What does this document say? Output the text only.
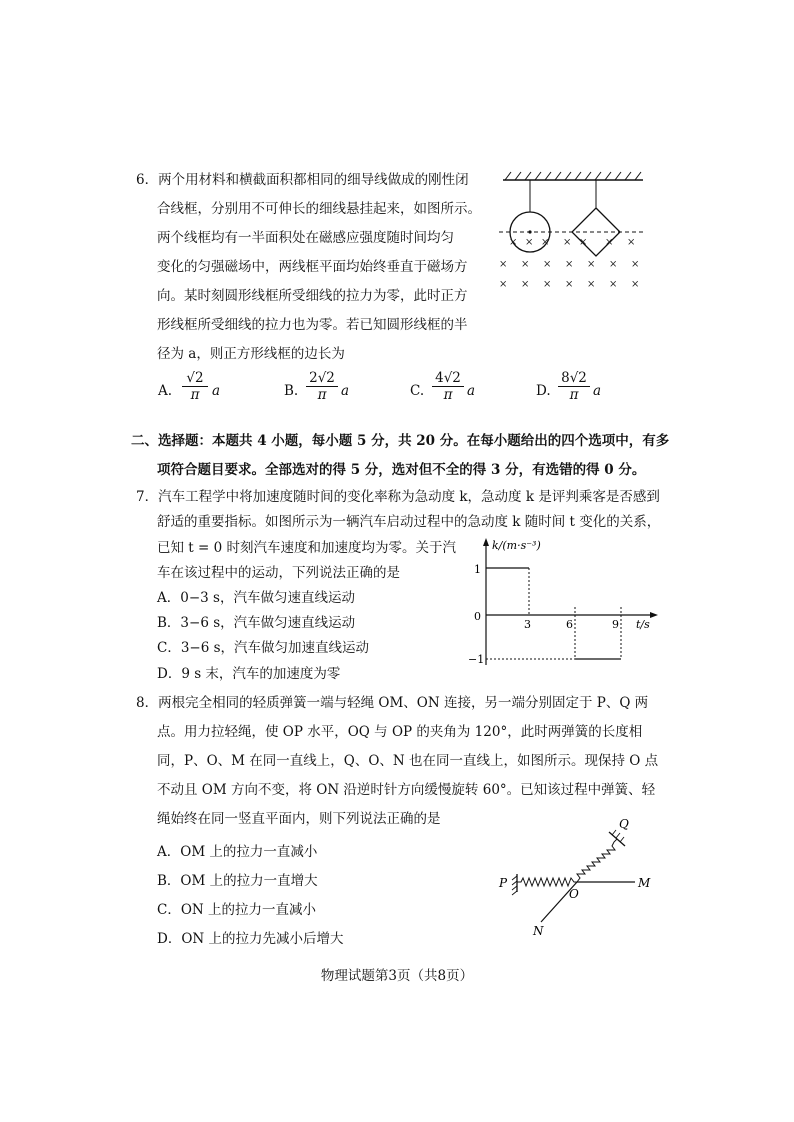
6．两个用材料和横截面积都相同的细导线做成的刚性闭
合线框，分别用不可伸长的细线悬挂起来，如图所示。
两个线框均有一半面积处在磁感应强度随时间均匀
变化的匀强磁场中，两线框平面均始终垂直于磁场方
向。某时刻圆形线框所受细线的拉力为零，此时正方
形线框所受细线的拉力也为零。若已知圆形线框的半
径为 a，则正方形线框的边长为
A. $\frac{√2}{\pi}$ a	B. $\frac{2√2}{\pi}$ a	C. $\frac{4√2}{\pi}$ a	D. $\frac{8√2}{\pi}$ a
× × × × × × ×
× × × × × × ×
× × × × × × ×
二、选择题：本题共 4 小题，每小题 5 分，共 20 分。在每小题给出的四个选项中，有多
项符合题目要求。全部选对的得 5 分，选对但不全的得 3 分，有选错的得 0 分。
7．汽车工程学中将加速度随时间的变化率称为急动度 k，急动度 k 是评判乘客是否感到
舒适的重要指标。如图所示为一辆汽车启动过程中的急动度 k 随时间 t 变化的关系，
已知 t = 0 时刻汽车速度和加速度均为零。关于汽
车在该过程中的运动，下列说法正确的是
A．0−3 s，汽车做匀速直线运动
B．3−6 s，汽车做匀速直线运动
C．3−6 s，汽车做匀加速直线运动
D．9 s 末，汽车的加速度为零
k/(m·s⁻³)
t/s
1
0
−1
3	6	9
8．两根完全相同的轻质弹簧一端与轻绳 OM、ON 连接，另一端分别固定于 P、Q 两
点。用力拉轻绳，使 OP 水平，OQ 与 OP 的夹角为 120°，此时两弹簧的长度相
同，P、O、M 在同一直线上，Q、O、N 也在同一直线上，如图所示。现保持 O 点
不动且 OM 方向不变，将 ON 沿逆时针方向缓慢旋转 60°。已知该过程中弹簧、轻
绳始终在同一竖直平面内，则下列说法正确的是
A．OM 上的拉力一直减小
B．OM 上的拉力一直增大
C．ON 上的拉力一直减小
D．ON 上的拉力先减小后增大
P
Q
O
M
N
物理试题第3页（共8页）
